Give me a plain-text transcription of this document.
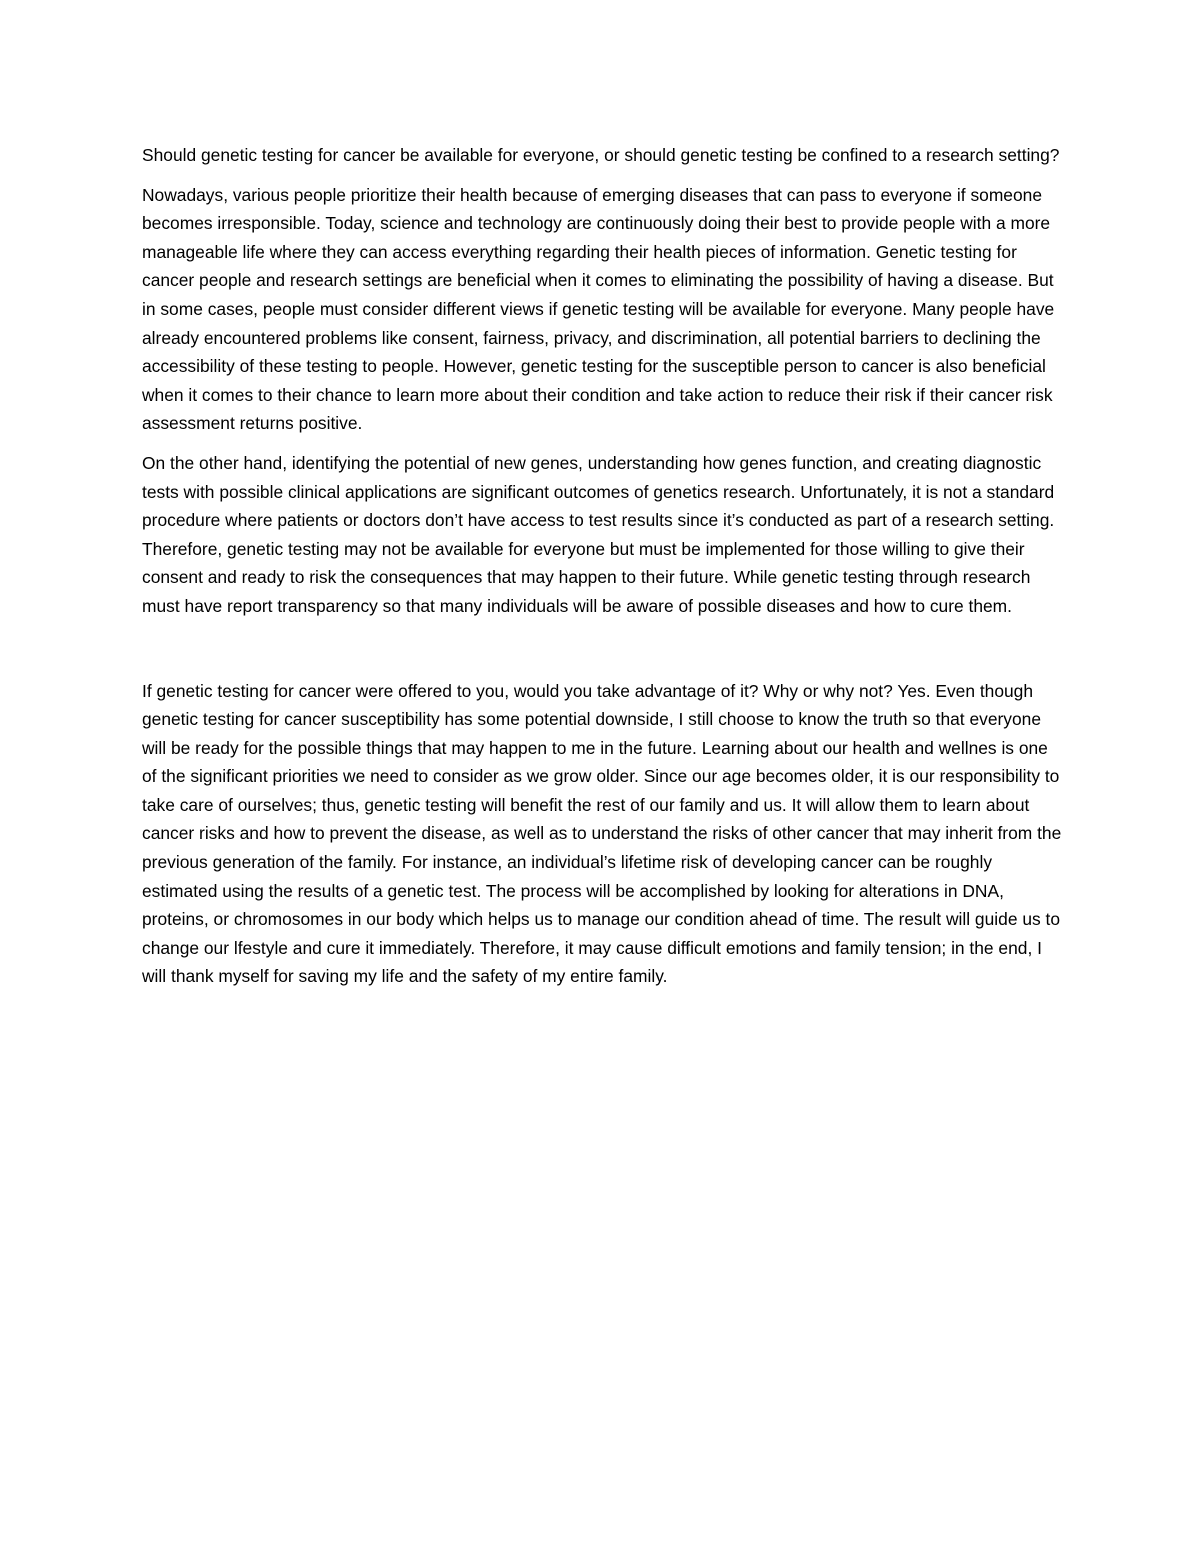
Should genetic testing for cancer be available for everyone, or should genetic testing be confined to a research setting?

Nowadays, various people prioritize their health because of emerging diseases that can pass to everyone if someone becomes irresponsible. Today, science and technology are continuously doing their best to provide people with a more manageable life where they can access everything regarding their health pieces of information. Genetic testing for cancer people and research settings are beneficial when it comes to eliminating the possibility of having a disease. But in some cases, people must consider different views if genetic testing will be available for everyone. Many people have already encountered problems like consent, fairness, privacy, and discrimination, all potential barriers to declining the accessibility of these testing to people. However, genetic testing for the susceptible person to cancer is also beneficial when it comes to their chance to learn more about their condition and take action to reduce their risk if their cancer risk assessment returns positive.

On the other hand, identifying the potential of new genes, understanding how genes function, and creating diagnostic tests with possible clinical applications are significant outcomes of genetics research. Unfortunately, it is not a standard procedure where patients or doctors don’t have access to test results since it’s conducted as part of a research setting. Therefore, genetic testing may not be available for everyone but must be implemented for those willing to give their consent and ready to risk the consequences that may happen to their future. While genetic testing through research must have report transparency so that many individuals will be aware of possible diseases and how to cure them.

If genetic testing for cancer were offered to you, would you take advantage of it? Why or why not? Yes. Even though genetic testing for cancer susceptibility has some potential downside, I still choose to know the truth so that everyone will be ready for the possible things that may happen to me in the future. Learning about our health and wellnes is one of the significant priorities we need to consider as we grow older. Since our age becomes older, it is our responsibility to take care of ourselves; thus, genetic testing will benefit the rest of our family and us. It will allow them to learn about cancer risks and how to prevent the disease, as well as to understand the risks of other cancer that may inherit from the previous generation of the family. For instance, an individual’s lifetime risk of developing cancer can be roughly estimated using the results of a genetic test. The process will be accomplished by looking for alterations in DNA, proteins, or chromosomes in our body which helps us to manage our condition ahead of time. The result will guide us to change our lfestyle and cure it immediately. Therefore, it may cause difficult emotions and family tension; in the end, I will thank myself for saving my life and the safety of my entire family.
